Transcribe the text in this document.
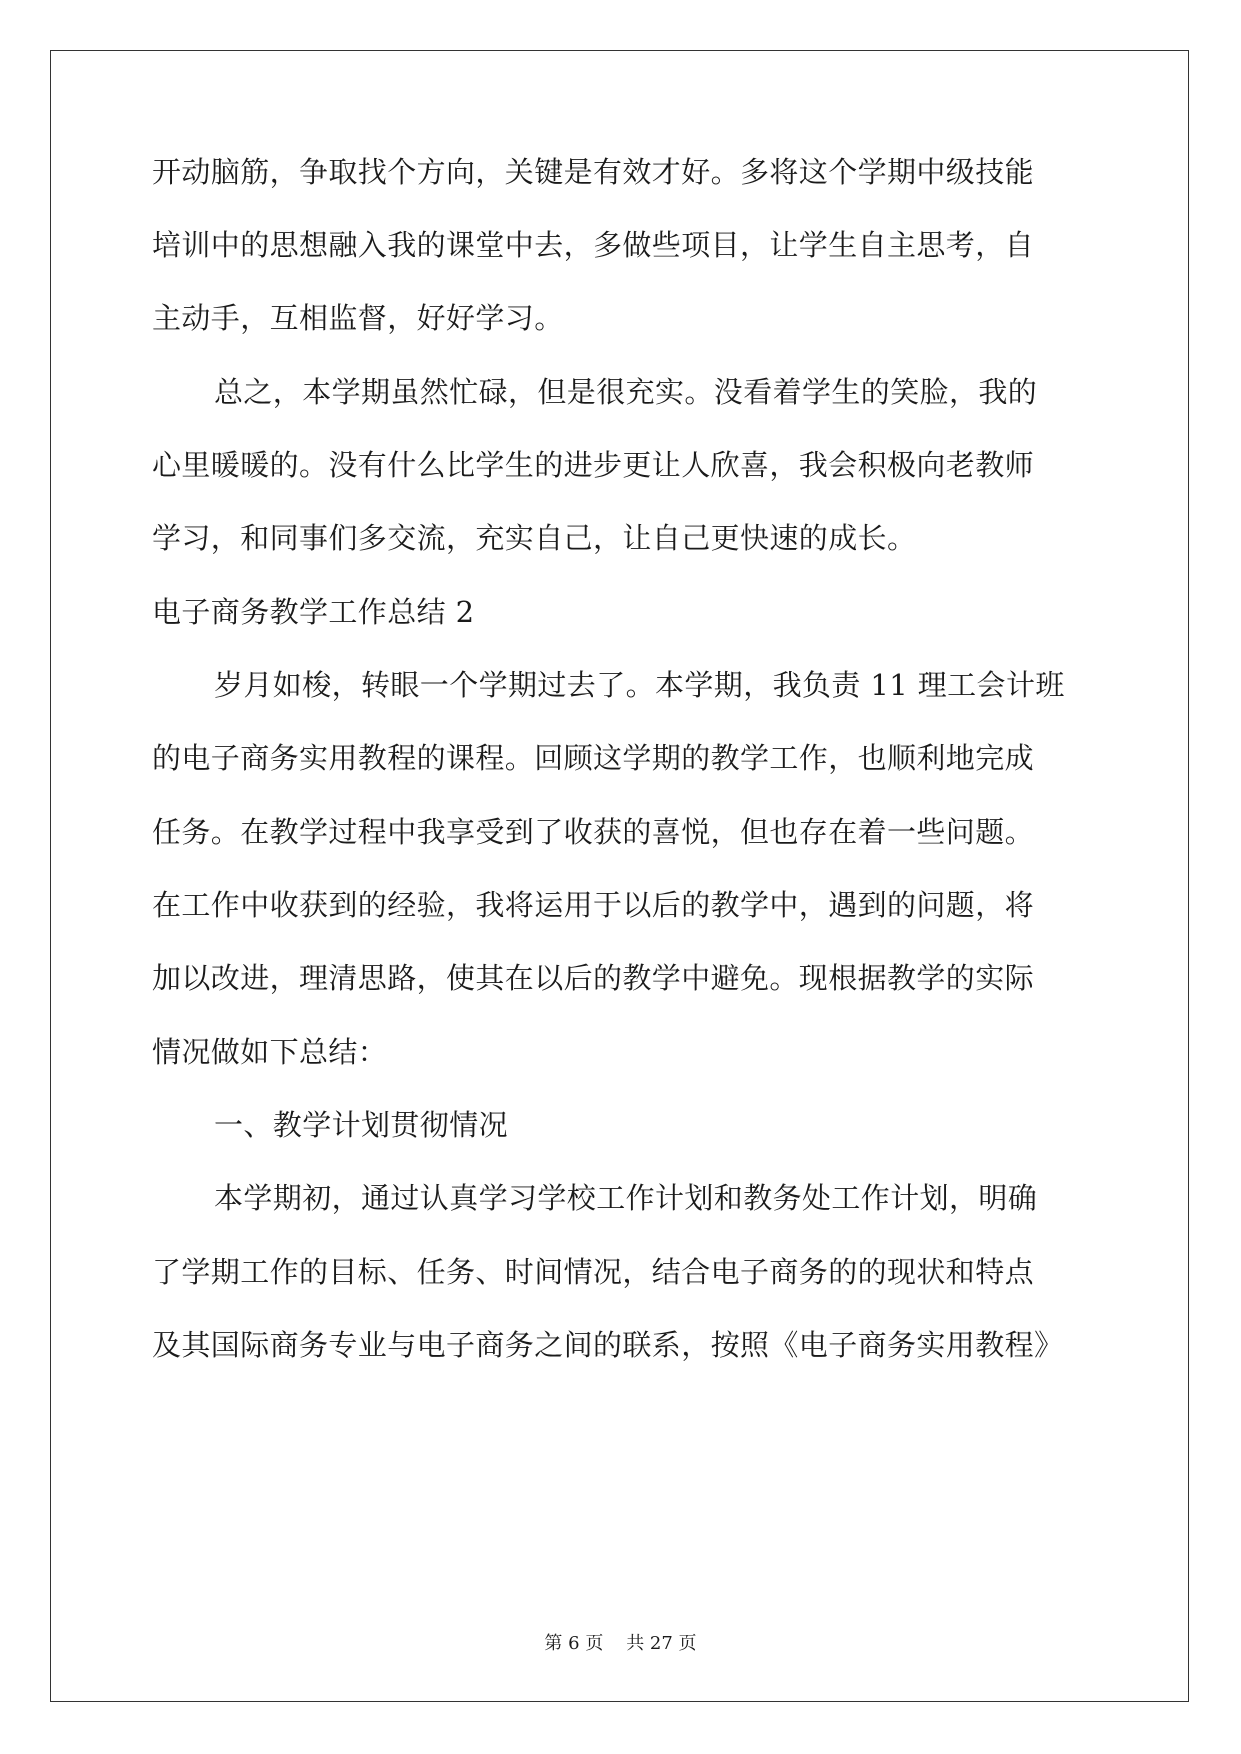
开动脑筋，争取找个方向，关键是有效才好。多将这个学期中级技能
培训中的思想融入我的课堂中去，多做些项目，让学生自主思考，自
主动手，互相监督，好好学习。
总之，本学期虽然忙碌，但是很充实。没看着学生的笑脸，我的
心里暖暖的。没有什么比学生的进步更让人欣喜，我会积极向老教师
学习，和同事们多交流，充实自己，让自己更快速的成长。
电子商务教学工作总结 2
岁月如梭，转眼一个学期过去了。本学期，我负责 11 理工会计班
的电子商务实用教程的课程。回顾这学期的教学工作，也顺利地完成
任务。在教学过程中我享受到了收获的喜悦，但也存在着一些问题。
在工作中收获到的经验，我将运用于以后的教学中，遇到的问题，将
加以改进，理清思路，使其在以后的教学中避免。现根据教学的实际
情况做如下总结：
一、教学计划贯彻情况
本学期初，通过认真学习学校工作计划和教务处工作计划，明确
了学期工作的目标、任务、时间情况，结合电子商务的的现状和特点
及其国际商务专业与电子商务之间的联系，按照《电子商务实用教程》
第 6 页    共 27 页
